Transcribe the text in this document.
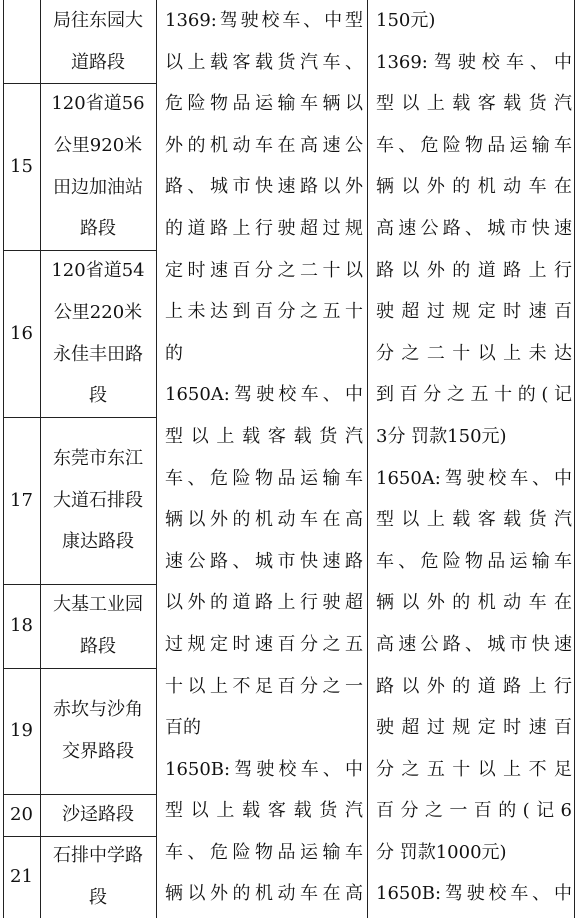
局往东园大道路段
15
120省道56公里920米田边加油站路段
16
120省道54公里220米永佳丰田路段
17
东莞市东江大道石排段康达路段
18
大基工业园路段
19
赤坎与沙角交界路段
20	沙迳路段
21
石排中学路段

1369:驾驶校车、中型

以上载客载货汽车、

危险物品运输车辆以

外的机动车在高速公

路、城市快速路以外

的道路上行驶超过规

定时速百分之二十以

上未达到百分之五十

的

1650A:驾驶校车、中

型以上载客载货汽

车、危险物品运输车

辆以外的机动车在高

速公路、城市快速路

以外的道路上行驶超

过规定时速百分之五

十以上不足百分之一

百的

1650B:驾驶校车、中

型以上载客载货汽

车、危险物品运输车

辆以外的机动车在高

150元)

1369:驾驶校车、中

型以上载客载货汽

车、危险物品运输车

辆以外的机动车在

高速公路、城市快速

路以外的道路上行

驶超过规定时速百

分之二十以上未达

到百分之五十的(记

3分 罚款150元)

1650A:驾驶校车、中

型以上载客载货汽

车、危险物品运输车

辆以外的机动车在

高速公路、城市快速

路以外的道路上行

驶超过规定时速百

分之五十以上不足

百分之一百的(记6

分 罚款1000元)

1650B:驾驶校车、中
